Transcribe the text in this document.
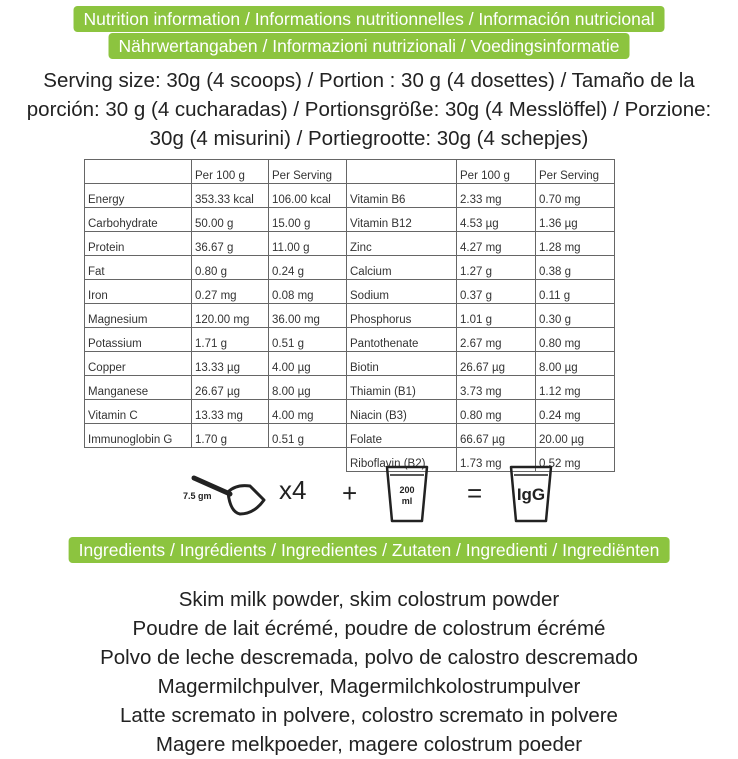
Nutrition information / Informations nutritionnelles / Información nutricional
Nährwertangaben / Informazioni nutrizionali / Voedingsinformatie
Serving size: 30g (4 scoops) / Portion : 30 g (4 dosettes) / Tamaño de la
porción: 30 g (4 cucharadas) / Portionsgröße: 30g (4 Messlöffel) / Porzione:
30g (4 misurini) / Portiegrootte: 30g (4 schepjes)
	Per 100 g	Per Serving		Per 100 g	Per Serving
Energy	353.33 kcal	106.00 kcal	Vitamin B6	2.33 mg	0.70 mg
Carbohydrate	50.00 g	15.00 g	Vitamin B12	4.53 µg	1.36 µg
Protein	36.67 g	11.00 g	Zinc	4.27 mg	1.28 mg
Fat	0.80 g	0.24 g	Calcium	1.27 g	0.38 g
Iron	0.27 mg	0.08 mg	Sodium	0.37 g	0.11 g
Magnesium	120.00 mg	36.00 mg	Phosphorus	1.01 g	0.30 g
Potassium	1.71 g	0.51 g	Pantothenate	2.67 mg	0.80 mg
Copper	13.33 µg	4.00 µg	Biotin	26.67 µg	8.00 µg
Manganese	26.67 µg	8.00 µg	Thiamin (B1)	3.73 mg	1.12 mg
Vitamin C	13.33 mg	4.00 mg	Niacin (B3)	0.80 mg	0.24 mg
Immunoglobin G	1.70 g	0.51 g	Folate	66.67 µg	20.00 µg
			Riboflavin (B2)	1.73 mg	0.52 mg
7.5 gm	x4 +	200
ml	=	IgG
Ingredients / Ingrédients / Ingredientes / Zutaten / Ingredienti / Ingrediënten
Skim milk powder, skim colostrum powder
Poudre de lait écrémé, poudre de colostrum écrémé
Polvo de leche descremada, polvo de calostro descremado
Magermilchpulver, Magermilchkolostrumpulver
Latte scremato in polvere, colostro scremato in polvere
Magere melkpoeder, magere colostrum poeder
